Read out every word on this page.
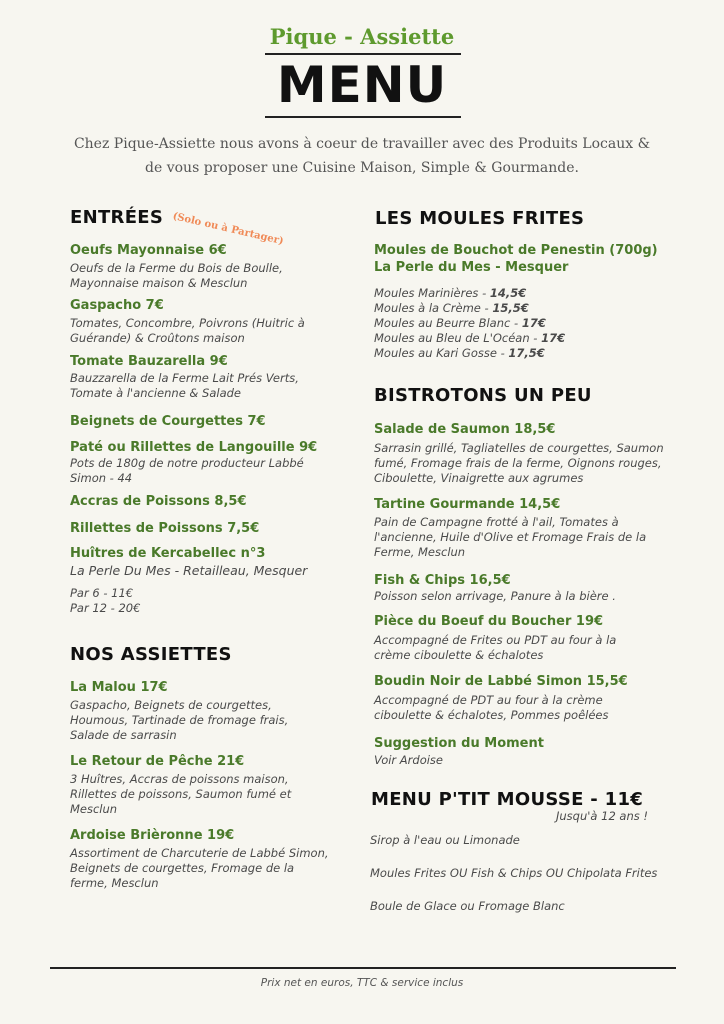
Pique - Assiette
MENU
Chez Pique-Assiette nous avons à coeur de travailler avec des Produits Locaux &
de vous proposer une Cuisine Maison, Simple & Gourmande.
ENTRÉES (Solo ou à Partager)
Oeufs Mayonnaise 6€
Oeufs de la Ferme du Bois de Boulle,
Mayonnaise maison & Mesclun
Gaspacho 7€
Tomates, Concombre, Poivrons (Huitric à
Guérande) & Croûtons maison
Tomate Bauzarella 9€
Bauzzarella de la Ferme Lait Prés Verts,
Tomate à l'ancienne & Salade
Beignets de Courgettes 7€
Paté ou Rillettes de Langouille 9€
Pots de 180g de notre producteur Labbé
Simon - 44
Accras de Poissons 8,5€
Rillettes de Poissons 7,5€
Huîtres de Kercabellec n°3
La Perle Du Mes - Retailleau, Mesquer
Par 6 - 11€
Par 12 - 20€
NOS ASSIETTES
La Malou 17€
Gaspacho, Beignets de courgettes,
Houmous, Tartinade de fromage frais,
Salade de sarrasin
Le Retour de Pêche 21€
3 Huîtres, Accras de poissons maison,
Rillettes de poissons, Saumon fumé et
Mesclun
Ardoise Brièronne 19€
Assortiment de Charcuterie de Labbé Simon,
Beignets de courgettes, Fromage de la
ferme, Mesclun
LES MOULES FRITES
Moules de Bouchot de Penestin (700g)
La Perle du Mes - Mesquer
Moules Marinières - 14,5€
Moules à la Crème - 15,5€
Moules au Beurre Blanc - 17€
Moules au Bleu de L'Océan - 17€
Moules au Kari Gosse - 17,5€
BISTROTONS UN PEU
Salade de Saumon 18,5€
Sarrasin grillé, Tagliatelles de courgettes, Saumon
fumé, Fromage frais de la ferme, Oignons rouges,
Ciboulette, Vinaigrette aux agrumes
Tartine Gourmande 14,5€
Pain de Campagne frotté à l'ail, Tomates à
l'ancienne, Huile d'Olive et Fromage Frais de la
Ferme, Mesclun
Fish & Chips 16,5€
Poisson selon arrivage, Panure à la bière .
Pièce du Boeuf du Boucher 19€
Accompagné de Frites ou PDT au four à la
crème ciboulette & échalotes
Boudin Noir de Labbé Simon 15,5€
Accompagné de PDT au four à la crème
ciboulette & échalotes, Pommes poêlées
Suggestion du Moment
Voir Ardoise
MENU P'TIT MOUSSE - 11€
Jusqu'à 12 ans !
Sirop à l'eau ou Limonade
Moules Frites OU Fish & Chips OU Chipolata Frites
Boule de Glace ou Fromage Blanc
Prix net en euros, TTC & service inclus
